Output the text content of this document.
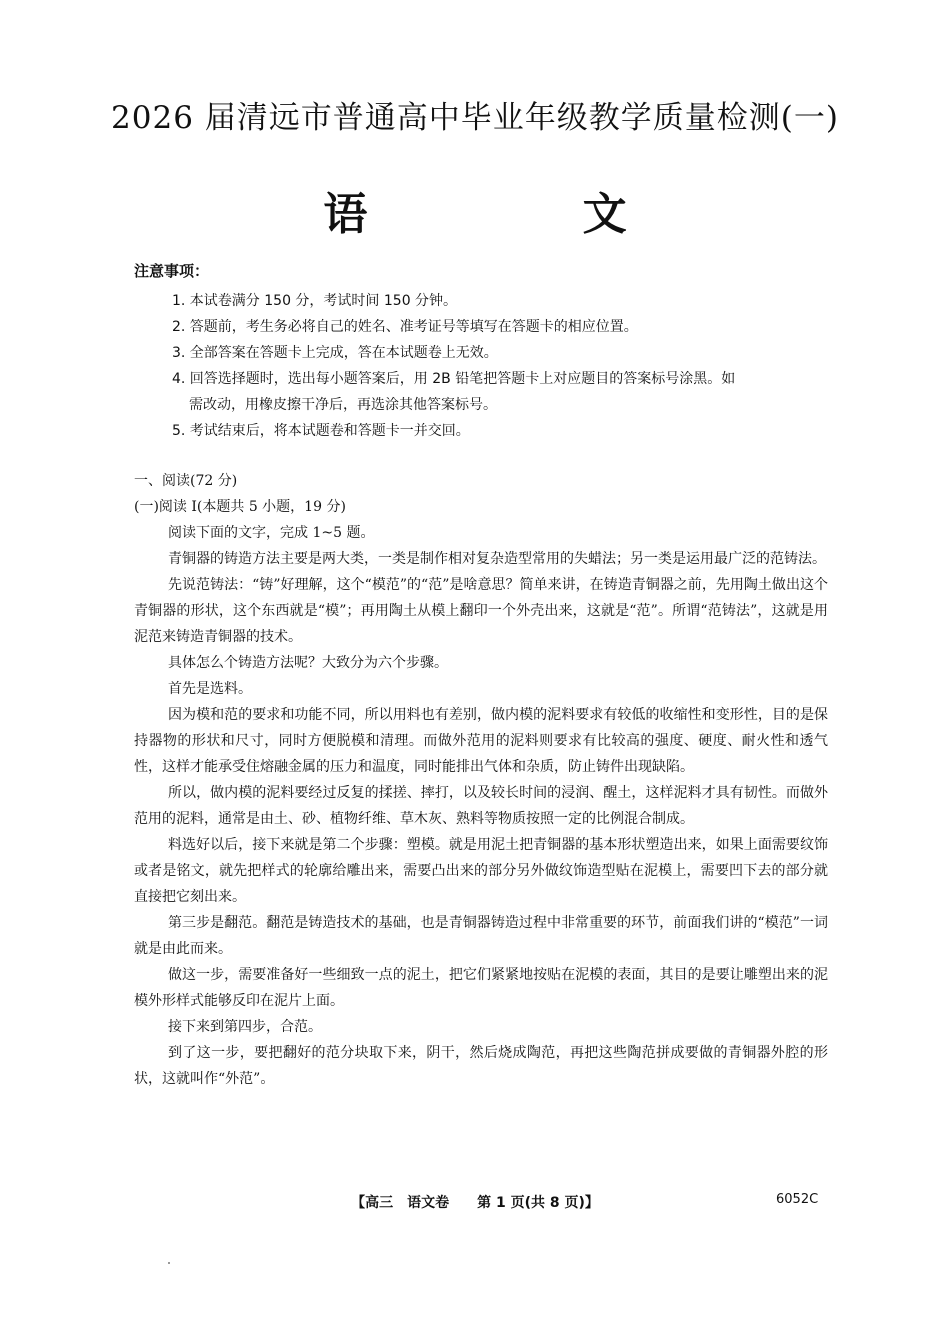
2026 届清远市普通高中毕业年级教学质量检测(一)
语 文
注意事项：
1. 本试卷满分 150 分，考试时间 150 分钟。
2. 答题前，考生务必将自己的姓名、准考证号等填写在答题卡的相应位置。
3. 全部答案在答题卡上完成，答在本试题卷上无效。
4. 回答选择题时，选出每小题答案后，用 2B 铅笔把答题卡上对应题目的答案标号涂黑。如
需改动，用橡皮擦干净后，再选涂其他答案标号。
5. 考试结束后，将本试题卷和答题卡一并交回。
一、阅读(72 分)
(一)阅读 I(本题共 5 小题，19 分)

阅读下面的文字，完成 1~5 题。

青铜器的铸造方法主要是两大类，一类是制作相对复杂造型常用的失蜡法；另一类是运用最广泛的范铸法。

先说范铸法：“铸”好理解，这个“模范”的“范”是啥意思？简单来讲，在铸造青铜器之前，先用陶土做出这个青铜器的形状，这个东西就是“模”；再用陶土从模上翻印一个外壳出来，这就是“范”。所谓“范铸法”，这就是用泥范来铸造青铜器的技术。

具体怎么个铸造方法呢？大致分为六个步骤。

首先是选料。

因为模和范的要求和功能不同，所以用料也有差别，做内模的泥料要求有较低的收缩性和变形性，目的是保持器物的形状和尺寸，同时方便脱模和清理。而做外范用的泥料则要求有比较高的强度、硬度、耐火性和透气性，这样才能承受住熔融金属的压力和温度，同时能排出气体和杂质，防止铸件出现缺陷。

所以，做内模的泥料要经过反复的揉搓、摔打，以及较长时间的浸润、醒土，这样泥料才具有韧性。而做外范用的泥料，通常是由土、砂、植物纤维、草木灰、熟料等物质按照一定的比例混合制成。

料选好以后，接下来就是第二个步骤：塑模。就是用泥土把青铜器的基本形状塑造出来，如果上面需要纹饰或者是铭文，就先把样式的轮廓给雕出来，需要凸出来的部分另外做纹饰造型贴在泥模上，需要凹下去的部分就直接把它刻出来。

第三步是翻范。翻范是铸造技术的基础，也是青铜器铸造过程中非常重要的环节，前面我们讲的“模范”一词就是由此而来。

做这一步，需要准备好一些细致一点的泥土，把它们紧紧地按贴在泥模的表面，其目的是要让雕塑出来的泥模外形样式能够反印在泥片上面。

接下来到第四步，合范。

到了这一步，要把翻好的范分块取下来，阴干，然后烧成陶范，再把这些陶范拼成要做的青铜器外腔的形状，这就叫作“外范”。

【高三　语文卷　　第 1 页(共 8 页)】	6052C
